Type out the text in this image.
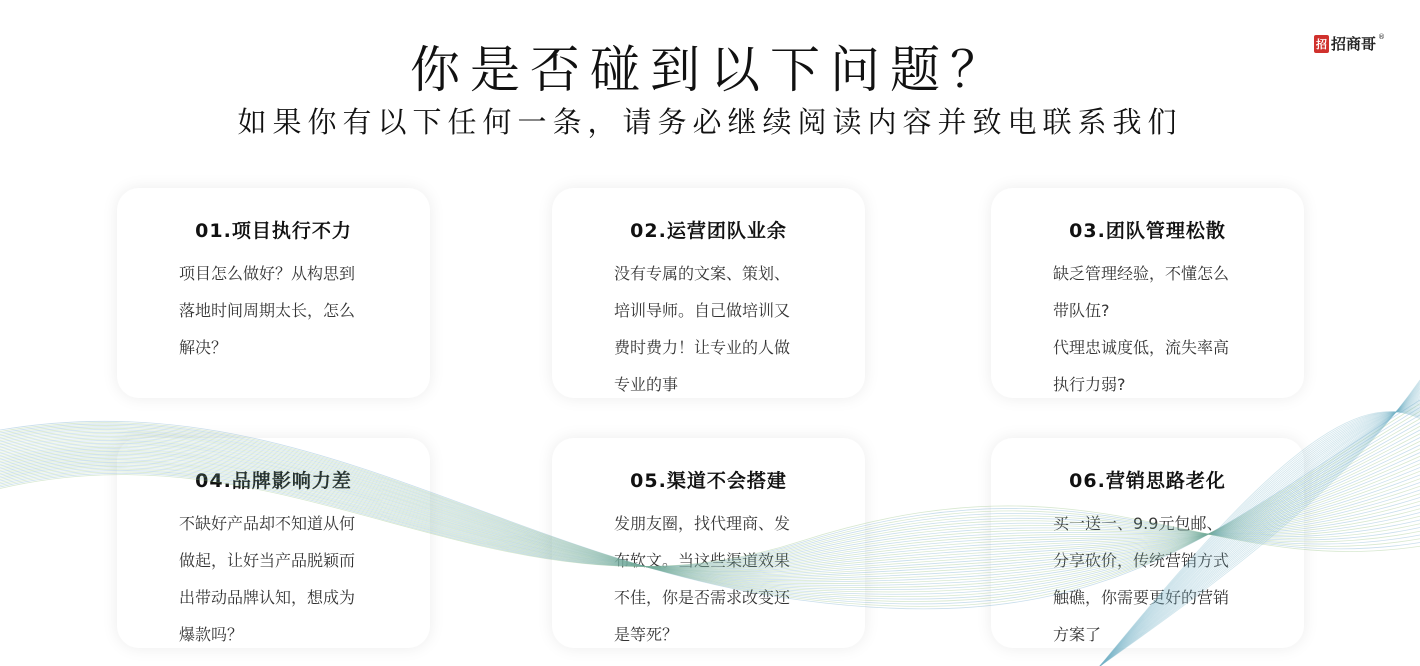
你是否碰到以下问题？
如果你有以下任何一条，请务必继续阅读内容并致电联系我们
招 招商哥 ®
01.项目执行不力

项目怎么做好？从构思到

落地时间周期太长，怎么

解决？

02.运营团队业余

没有专属的文案、策划、

培训导师。自己做培训又

费时费力！让专业的人做

专业的事

03.团队管理松散

缺乏管理经验，不懂怎么

带队伍?

代理忠诚度低，流失率高

执行力弱?

04.品牌影响力差

不缺好产品却不知道从何

做起，让好当产品脱颖而

出带动品牌认知，想成为

爆款吗？

05.渠道不会搭建

发朋友圈，找代理商、发

布软文。当这些渠道效果

不佳，你是否需求改变还

是等死？

06.营销思路老化

买一送一、9.9元包邮、

分享砍价，传统营销方式

触礁，你需要更好的营销

方案了
